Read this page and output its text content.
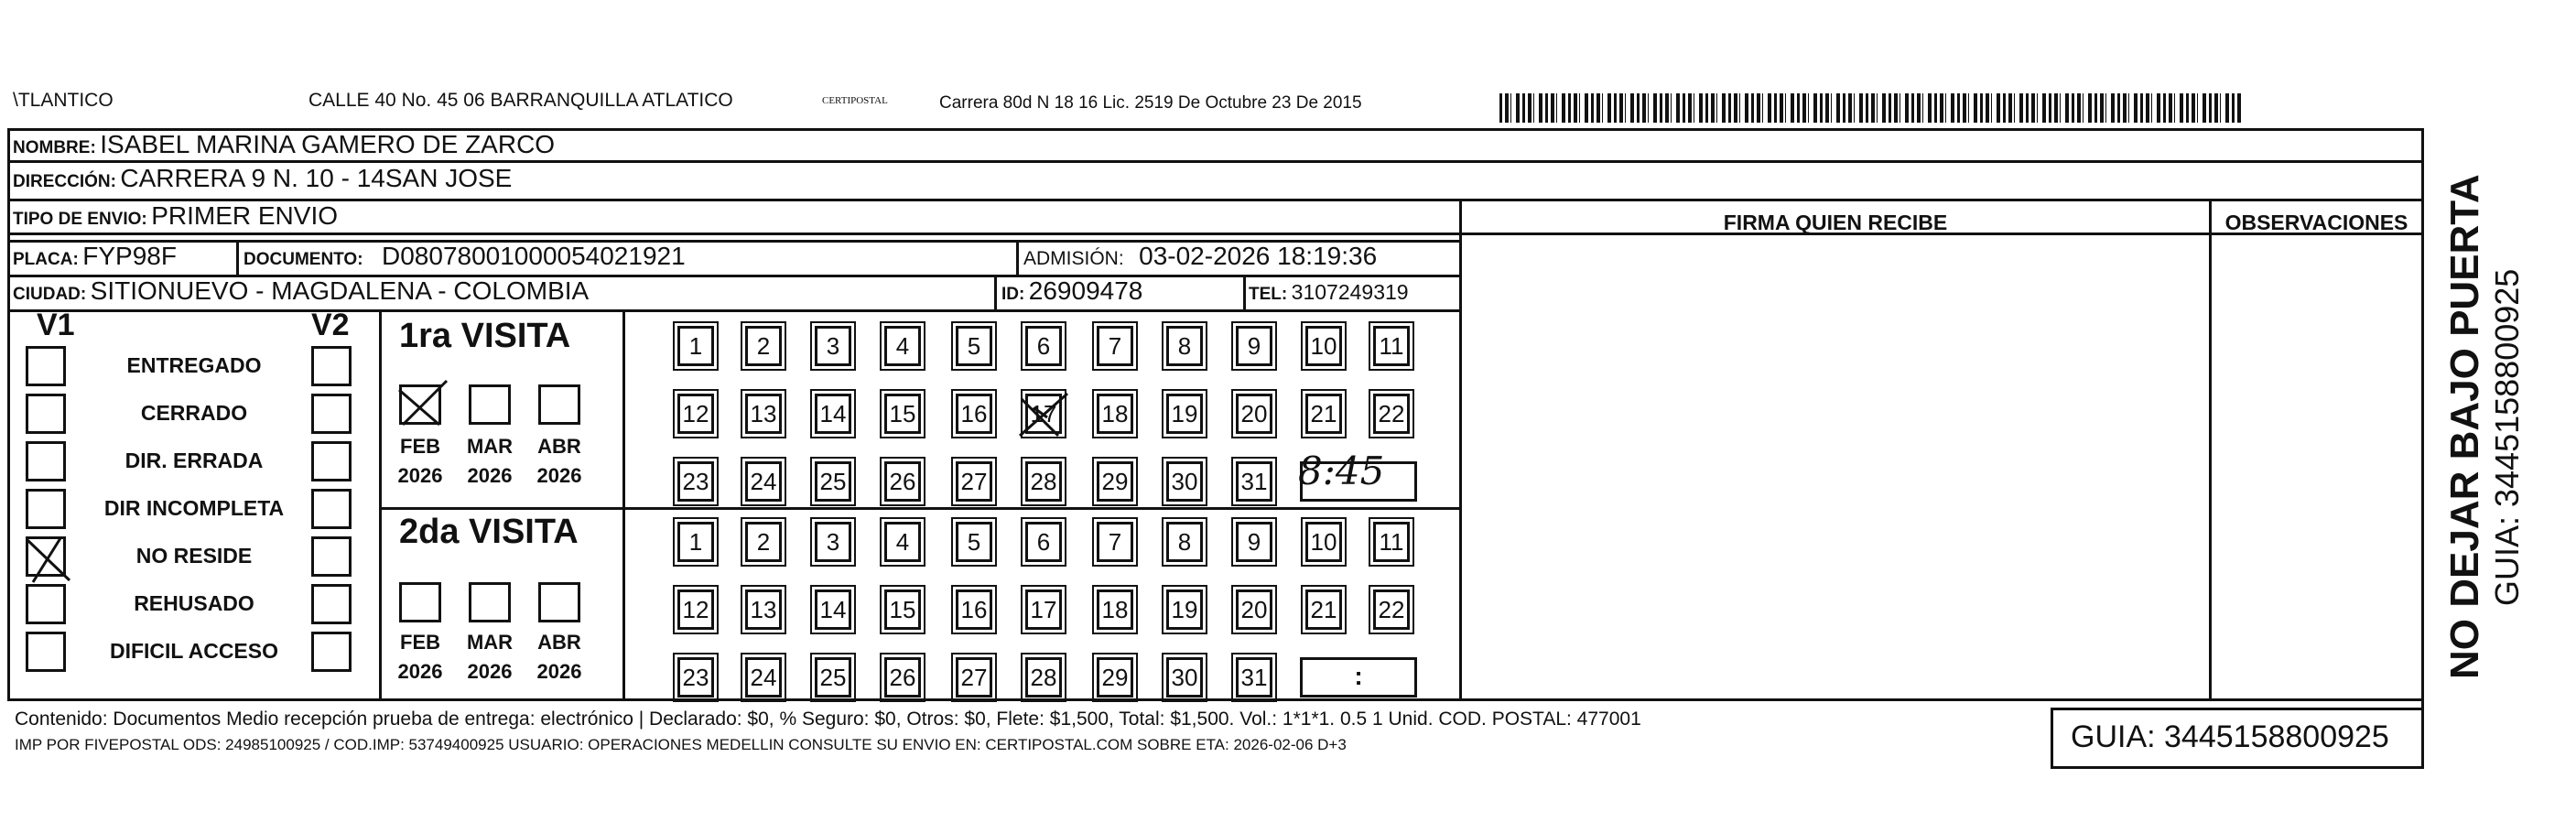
\TLANTICO	CALLE 40 No. 45 06 BARRANQUILLA ATLATICO	CERTIPOSTAL	Carrera 80d N 18 16 Lic. 2519 De Octubre 23 De 2015
NOMBRE: ISABEL MARINA GAMERO DE ZARCO
DIRECCIÓN: CARRERA 9 N. 10 - 14SAN JOSE
TIPO DE ENVIO: PRIMER ENVIO	FIRMA QUIEN RECIBE	OBSERVACIONES
PLACA: FYP98F	DOCUMENTO: D08078001000054021921	ADMISIÓN: 03-02-2026 18:19:36
CIUDAD: SITIONUEVO - MAGDALENA - COLOMBIA	ID: 26909478	TEL: 3107249319
V1	V2
ENTREGADO
CERRADO
DIR. ERRADA
DIR INCOMPLETA
NO RESIDE
REHUSADO
DIFICIL ACCESO
1ra VISITA
2da VISITA
FEB
2026
MAR
2026
ABR
2026
FEB
2026
MAR
2026
ABR
2026
1	2	3	4	5	6	7	8	9	10 11
12 13 14 15 16 17 18 19 20 21 22
23 24 25 26 27 28 29 30 31
1	2	3	4	5	6	7	8	9	10 11
12 13 14 15 16 17 18 19 20 21 22
23 24 25 26 27 28 29 30 31	:
8:45
Contenido: Documentos Medio recepción prueba de entrega: electrónico | Declarado: $0, % Seguro: $0, Otros: $0, Flete: $1,500, Total: $1,500. Vol.: 1*1*1. 0.5 1 Unid. COD. POSTAL: 477001
IMP POR FIVEPOSTAL ODS: 24985100925 / COD.IMP: 53749400925 USUARIO: OPERACIONES MEDELLIN CONSULTE SU ENVIO EN: CERTIPOSTAL.COM SOBRE ETA: 2026-02-06 D+3	GUIA: 3445158800925
NO DEJAR BAJO PUERTA GUIA: 3445158800925
